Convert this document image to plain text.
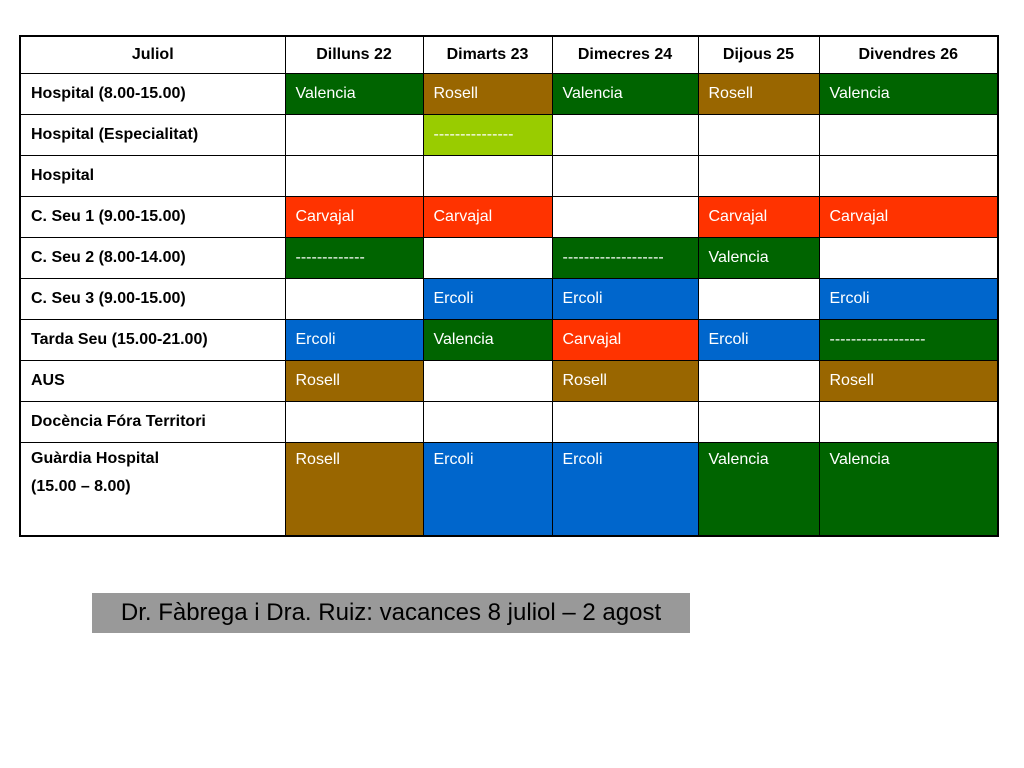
Juliol	Dilluns 22	Dimarts 23	Dimecres 24	Dijous 25	Divendres 26
Hospital (8.00-15.00)	Valencia	Rosell	Valencia	Rosell	Valencia
Hospital (Especialitat)		---------------			
Hospital					
C. Seu 1 (9.00-15.00)	Carvajal	Carvajal		Carvajal	Carvajal
C. Seu 2 (8.00-14.00)	-------------		-------------------	Valencia	
C. Seu 3 (9.00-15.00)		Ercoli	Ercoli		Ercoli
Tarda Seu (15.00-21.00)	Ercoli	Valencia	Carvajal	Ercoli	------------------
AUS	Rosell		Rosell		Rosell
Docència Fóra Territori					

Guàrdia Hospital
(15.00 – 8.00)	Rosell	Ercoli	Ercoli	Valencia	Valencia
Dr. Fàbrega i Dra. Ruiz: vacances 8 juliol – 2 agost
